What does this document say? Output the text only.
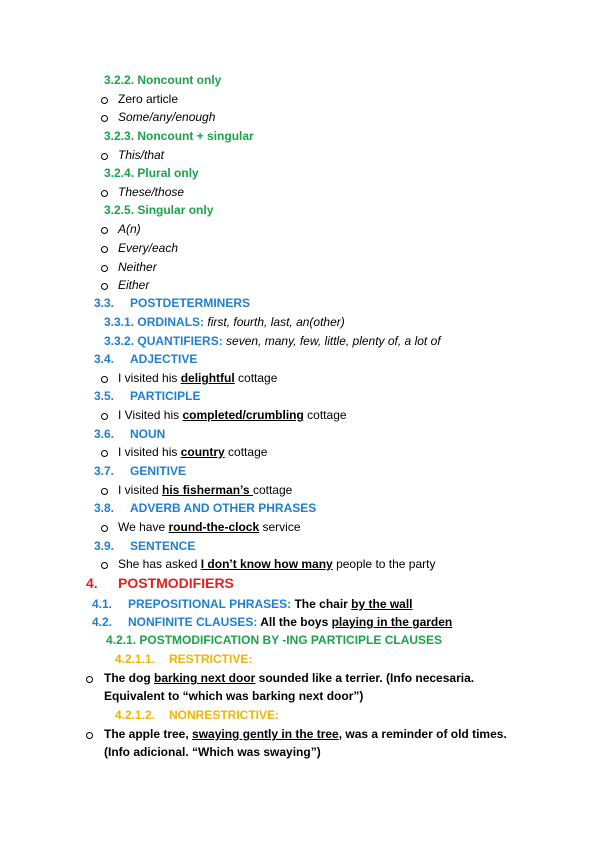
3.2.2. Noncount only
Zero article
Some/any/enough
3.2.3. Noncount + singular
This/that
3.2.4. Plural only
These/those
3.2.5. Singular only
A(n)
Every/each
Neither
Either
3.3. POSTDETERMINERS
3.3.1. ORDINALS: first, fourth, last, an(other)
3.3.2. QUANTIFIERS: seven, many, few, little, plenty of, a lot of
3.4. ADJECTIVE
I visited his delightful cottage
3.5. PARTICIPLE
I Visited his completed/crumbling cottage
3.6. NOUN
I visited his country cottage
3.7. GENITIVE
I visited his fisherman’s cottage
3.8. ADVERB AND OTHER PHRASES
We have round-the-clock service
3.9. SENTENCE
She has asked I don’t know how many people to the party
4. POSTMODIFIERS
4.1. PREPOSITIONAL PHRASES: The chair by the wall
4.2. NONFINITE CLAUSES: All the boys playing in the garden
4.2.1. POSTMODIFICATION BY -ING PARTICIPLE CLAUSES
4.2.1.1. RESTRICTIVE:
The dog barking next door sounded like a terrier. (Info necesaria.
Equivalent to “which was barking next door”)
4.2.1.2. NONRESTRICTIVE:
The apple tree, swaying gently in the tree, was a reminder of old times.
(Info adicional. “Which was swaying”)
